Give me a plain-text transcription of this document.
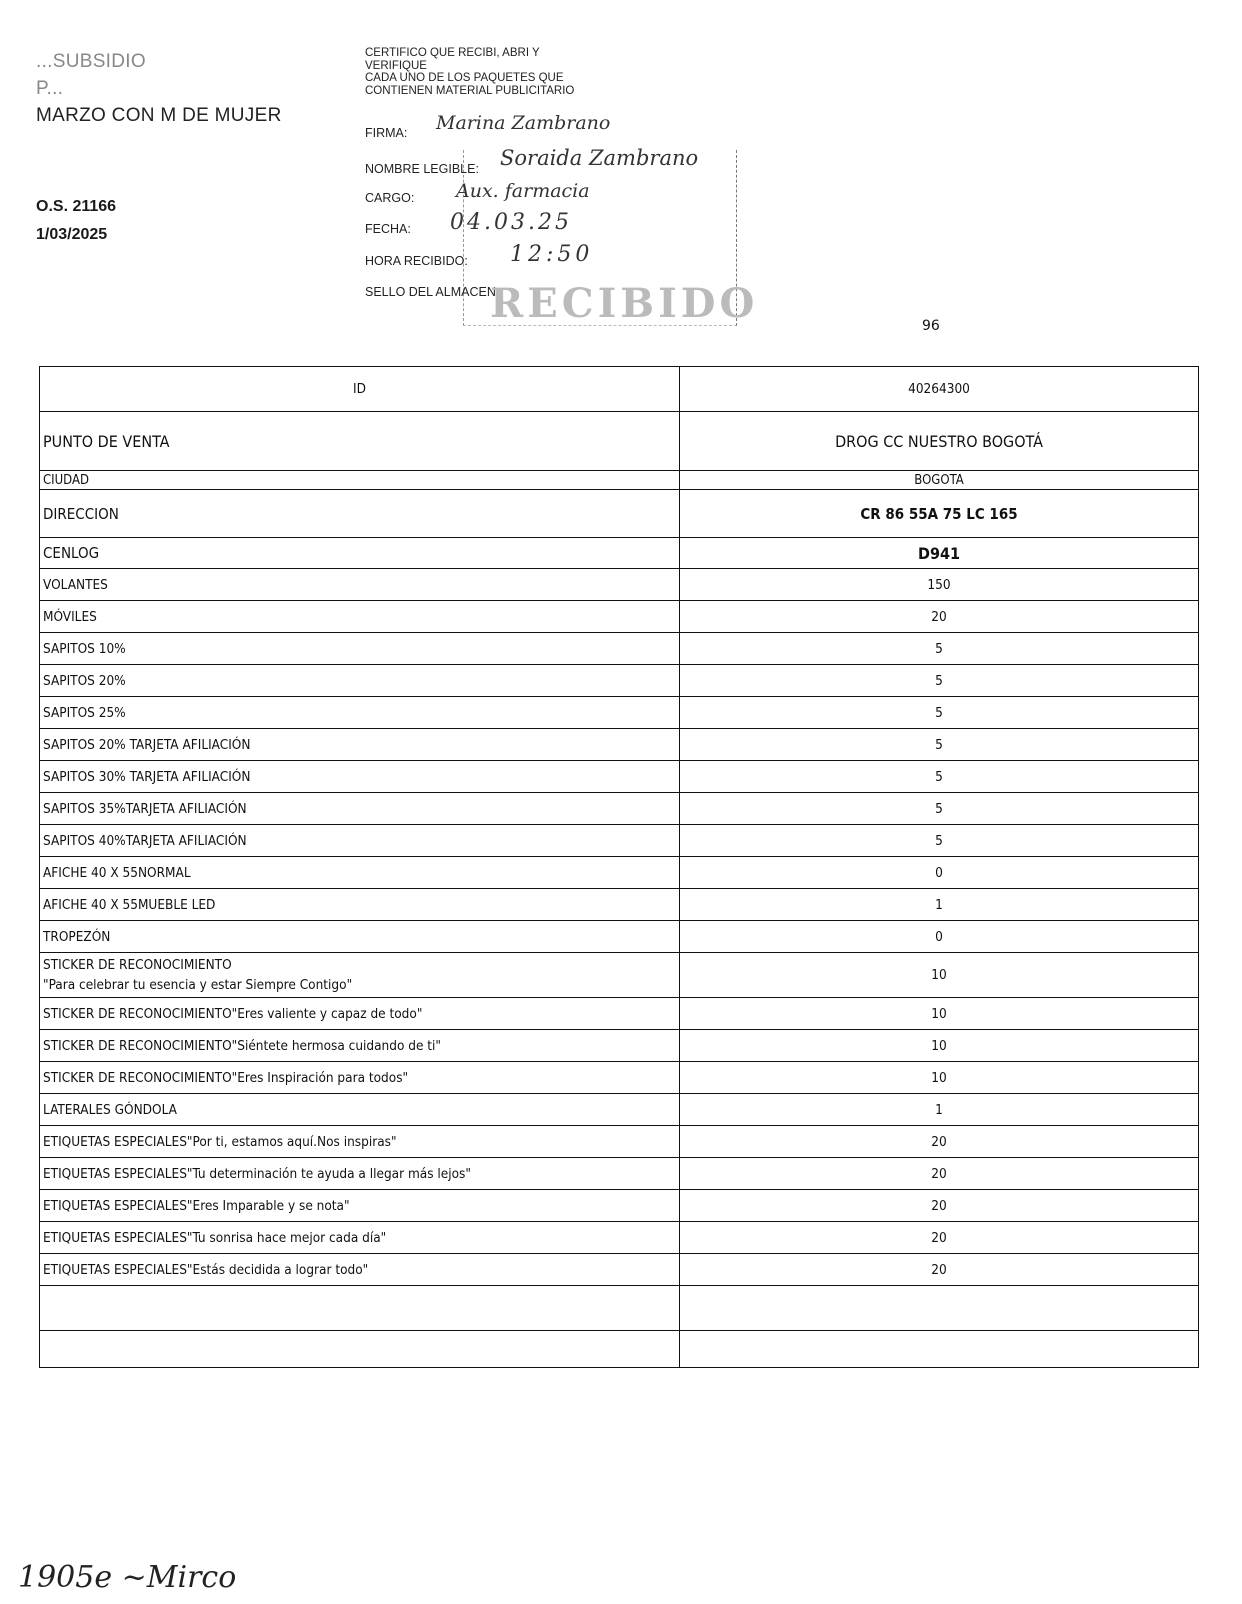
...SUBSIDIO
P...
MARZO CON M DE MUJER
O.S. 21166
1/03/2025
CERTIFICO QUE RECIBI, ABRI Y
VERIFIQUE
CADA UNO DE LOS PAQUETES QUE
CONTIENEN MATERIAL PUBLICITARIO
FIRMA: Marina Zambrano
NOMBRE LEGIBLE: Soraida Zambrano
CARGO: Aux. farmacia
FECHA: 04.03.25
HORA RECIBIDO: 12:50
SELLO DEL ALMACEN
RECIBIDO	96
ID	40264300
PUNTO DE VENTA	DROG CC NUESTRO BOGOTÁ
CIUDAD	BOGOTA
DIRECCION	CR 86 55A 75 LC 165
CENLOG	D941

VOLANTES	150

MÓVILES	20

SAPITOS 10%	5

SAPITOS 20%	5

SAPITOS 25%	5

SAPITOS 20% TARJETA AFILIACIÓN	5

SAPITOS 30% TARJETA AFILIACIÓN	5

SAPITOS 35%TARJETA AFILIACIÓN	5

SAPITOS 40%TARJETA AFILIACIÓN	5

AFICHE 40 X 55NORMAL	0

AFICHE 40 X 55MUEBLE LED	1

TROPEZÓN	0

STICKER DE RECONOCIMIENTO
"Para celebrar tu esencia y estar Siempre Contigo"	10

STICKER DE RECONOCIMIENTO"Eres valiente y capaz de todo"	10

STICKER DE RECONOCIMIENTO"Siéntete hermosa cuidando de ti"	10

STICKER DE RECONOCIMIENTO"Eres Inspiración para todos"	10

LATERALES GÓNDOLA	1

ETIQUETAS ESPECIALES"Por ti, estamos aquí.Nos inspiras"	20

ETIQUETAS ESPECIALES"Tu determinación te ayuda a llegar más lejos"	20

ETIQUETAS ESPECIALES"Eres Imparable y se nota"	20

ETIQUETAS ESPECIALES"Tu sonrisa hace mejor cada día"	20

ETIQUETAS ESPECIALES"Estás decidida a lograr todo"	20

1905e ~Mirco
